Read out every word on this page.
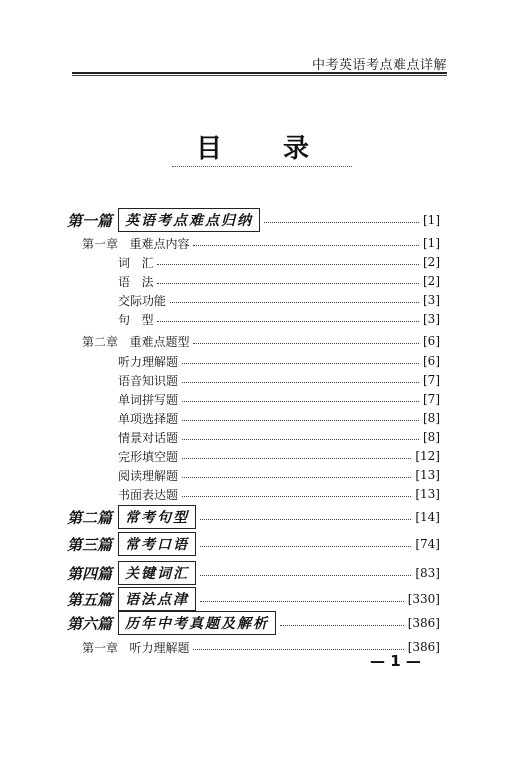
中考英语考点难点详解
目 录
第一篇 英语考点难点归纳	[1]
第一章   重难点内容	[1]
词   汇	[2]
语   法	[2]
交际功能	[3]
句   型	[3]
第二章   重难点题型	[6]
听力理解题	[6]
语音知识题	[7]
单词拼写题	[7]
单项选择题	[8]
情景对话题	[8]
完形填空题	[12]
阅读理解题	[13]
书面表达题	[13]
第二篇 常考句型	[14]
第三篇 常考口语	[74]
第四篇 关键词汇	[83]
第五篇 语法点津	[330]
第六篇 历年中考真题及解析	[386]
第一章   听力理解题	[386]
— 1 —
